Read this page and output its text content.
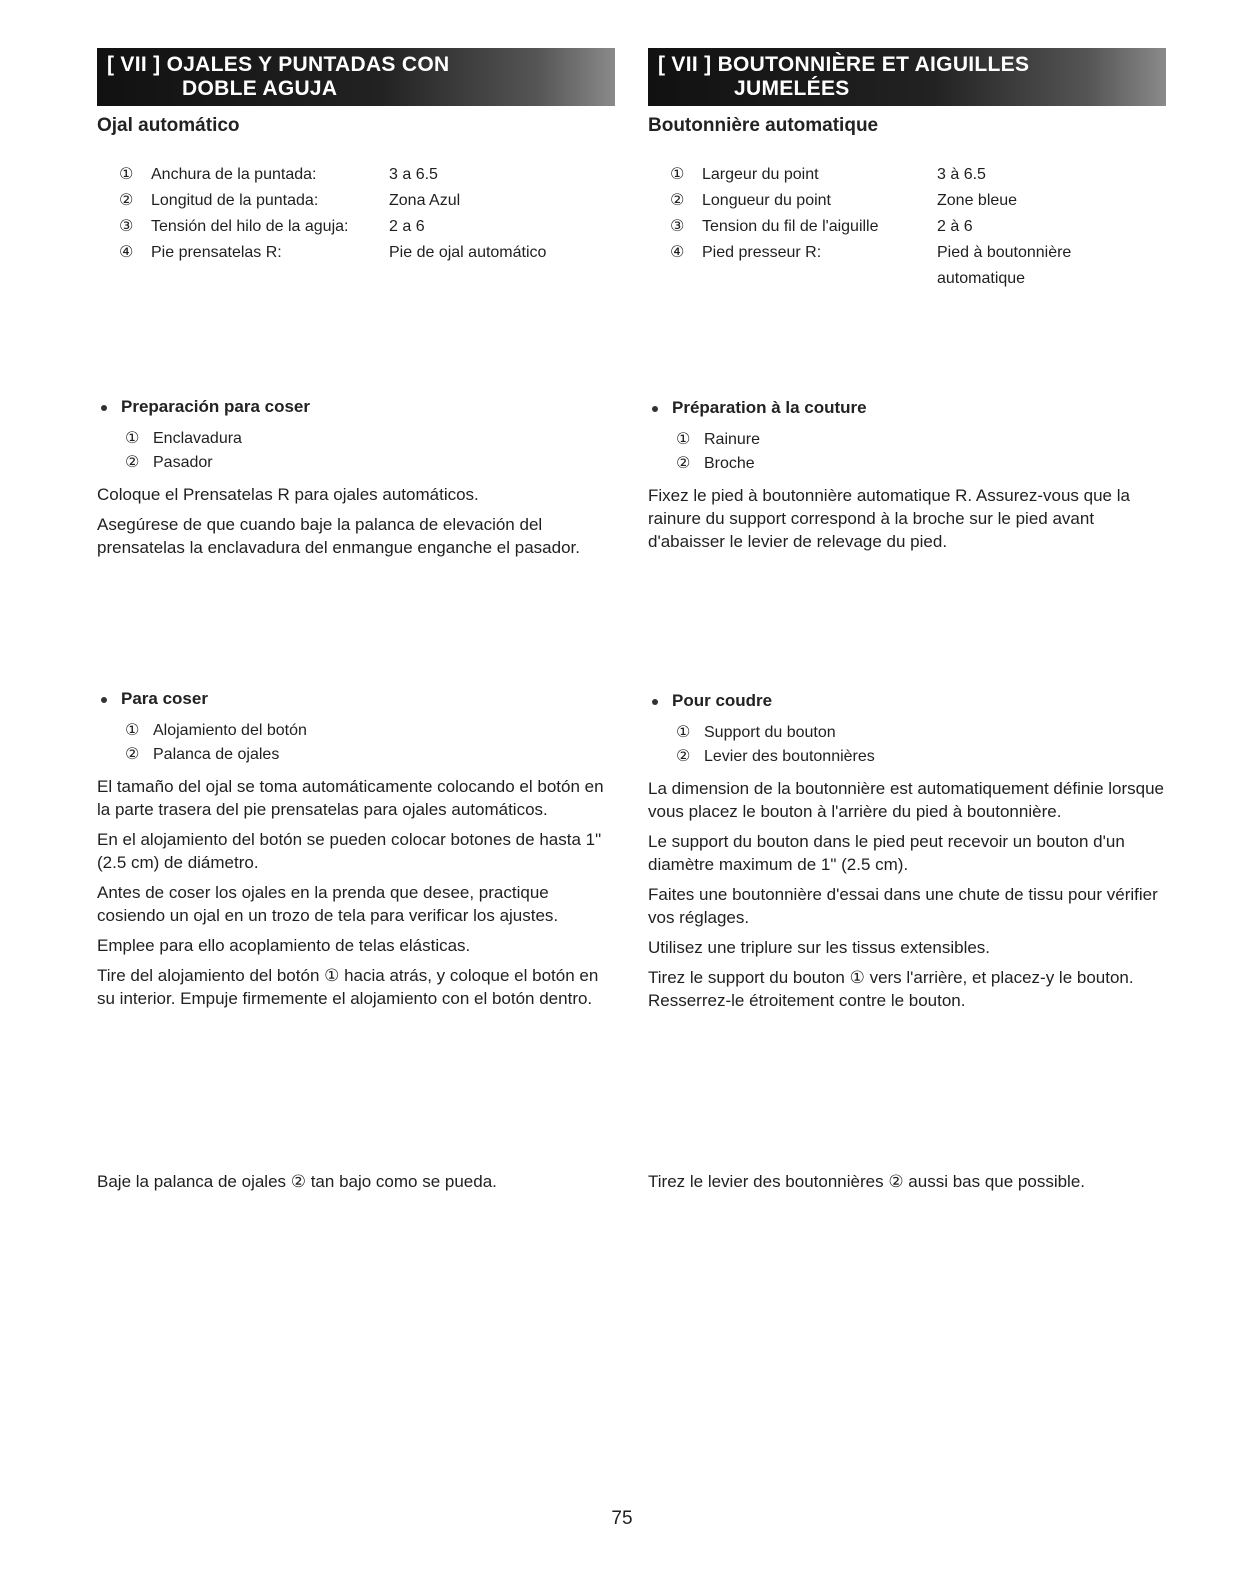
[ VII ] OJALES Y PUNTADAS CON
DOBLE AGUJA
Ojal automático
①	Anchura de la puntada:	3 a 6.5
②	Longitud de la puntada:	Zona Azul
③	Tensión del hilo de la aguja:	2 a 6
④	Pie prensatelas R:	Pie de ojal automático
Preparación para coser
① Enclavadura
② Pasador

Coloque el Prensatelas R para ojales automáticos.

Asegúrese de que cuando baje la palanca de elevación del prensatelas la enclavadura del enmangue enganche el pasador.

Para coser
① Alojamiento del botón
② Palanca de ojales

El tamaño del ojal se toma automáticamente colocando el botón en la parte trasera del pie prensatelas para ojales automáticos.

En el alojamiento del botón se pueden colocar botones de hasta 1" (2.5 cm) de diámetro.

Antes de coser los ojales en la prenda que desee, practique cosiendo un ojal en un trozo de tela para verificar los ajustes.

Emplee para ello acoplamiento de telas elásticas.

Tire del alojamiento del botón ① hacia atrás, y coloque el botón en su interior. Empuje firmemente el alojamiento con el botón dentro.

Baje la palanca de ojales ② tan bajo como se pueda.

[ VII ] BOUTONNIÈRE ET AIGUILLES
JUMELÉES
Boutonnière automatique
①	Largeur du point	3 à 6.5
②	Longueur du point	Zone bleue
③	Tension du fil de l'aiguille	2 à 6
④	Pied presseur R:	Pied à boutonnière automatique
Préparation à la couture
① Rainure
② Broche

Fixez le pied à boutonnière automatique R. Assurez-vous que la rainure du support correspond à la broche sur le pied avant d'abaisser le levier de relevage du pied.

Pour coudre
① Support du bouton
② Levier des boutonnières

La dimension de la boutonnière est automatiquement définie lorsque vous placez le bouton à l'arrière du pied à boutonnière.

Le support du bouton dans le pied peut recevoir un bouton d'un diamètre maximum de 1" (2.5 cm).

Faites une boutonnière d'essai dans une chute de tissu pour vérifier vos réglages.

Utilisez une triplure sur les tissus extensibles.

Tirez le support du bouton ① vers l'arrière, et placez-y le bouton. Resserrez-le étroitement contre le bouton.

Tirez le levier des boutonnières ② aussi bas que possible.

75
